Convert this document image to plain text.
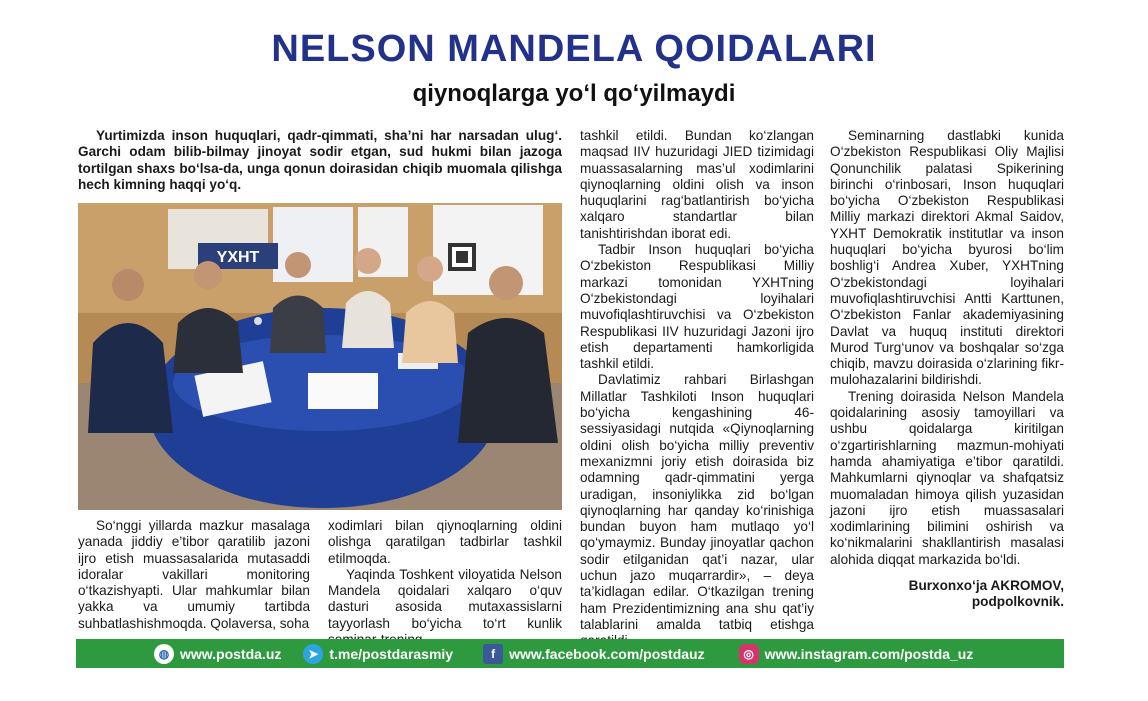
NELSON MANDELA QOIDALARI
qiynoqlarga yo‘l qo‘yilmaydi

Yurtimizda inson huquqlari, qadr-qimmati, sha’ni har narsadan ulug‘. Garchi odam bilib-bilmay jinoyat sodir etgan, sud hukmi bilan jazoga tortilgan shaxs bo‘lsa-da, unga qonun doirasidan chiqib muomala qilishga hech kimning haqqi yo‘q.

YXHT

So‘nggi yillarda mazkur masalaga yanada jiddiy e’tibor qaratilib jazoni ijro etish muassasalarida mutasaddi idoralar vakillari monitoring o‘tkazishyapti. Ular mahkumlar bilan yakka va umumiy tartibda suhbatlashishmoqda. Qolaversa, soha

xodimlari bilan qiynoqlarning oldini olishga qaratilgan tadbirlar tashkil etilmoqda.

Yaqinda Toshkent viloyatida Nelson Mandela qoidalari xalqaro o‘quv dasturi asosida mutaxassislarni tayyorlash bo‘yicha to‘rt kunlik

tashkil etildi. Bundan ko‘zlangan maqsad IIV huzuridagi JIED tizimidagi muassasalarning mas’ul xodimlarini qiynoqlarning oldini olish va inson huquqlarini rag‘batlantirish bo‘yicha xalqaro standartlar bilan tanishtirishdan iborat edi.

Tadbir Inson huquqlari bo‘yicha O‘zbekiston Respublikasi Milliy markazi tomonidan YXHTning O‘zbekistondagi loyihalari muvofiqlashtiruvchisi va O‘zbekiston Respublikasi IIV huzuridagi Jazoni ijro etish departamenti hamkorligida tashkil etildi.

Davlatimiz rahbari Birlashgan Millatlar Tashkiloti Inson huquqlari bo‘yicha kengashining 46-sessiyasidagi nutqida «Qiynoqlarning oldini olish bo‘yicha milliy preventiv mexanizmni joriy etish doirasida biz odamning qadr-qimmatini yerga uradigan, insoniylikka zid bo‘lgan qiynoqlarning har qanday ko‘rinishiga bundan buyon ham mutlaqo yo‘l qo‘ymaymiz. Bunday jinoyatlar qachon sodir etilganidan qat’i nazar, ular uchun jazo muqarrardir», – deya ta’kidlagan edilar. O‘tkazilgan trening ham Prezidentimizning ana shu qat’iy talablarini amalda tatbiq etishga

Seminarning dastlabki kunida O‘zbekiston Respublikasi Oliy Majlisi Qonunchilik palatasi Spikerining birinchi o‘rinbosari, Inson huquqlari bo‘yicha O‘zbekiston Respublikasi Milliy markazi direktori Akmal Saidov, YXHT Demokratik institutlar va inson huquqlari bo‘yicha byurosi bo‘lim boshlig‘i Andrea Xuber, YXHTning O‘zbekistondagi loyihalari muvofiqlashtiruvchisi Antti Karttunen, O‘zbekiston Fanlar akademiyasining Davlat va huquq instituti direktori Murod Turg‘unov va boshqalar so‘zga chiqib, mavzu doirasida o‘zlarining fikr-mulohazalarini bildirishdi.

Trening doirasida Nelson Mandela qoidalarining asosiy tamoyillari va ushbu qoidalarga kiritilgan o‘zgartirishlarning mazmun-mohiyati hamda ahamiyatiga e’tibor qaratildi. Mahkumlarni qiynoqlar va shafqatsiz muomaladan himoya qilish yuzasidan jazoni ijro etish muassasalari xodimlarining bilimini oshirish va ko‘nikmalarini shakllantirish masalasi alohida diqqat markazida bo‘ldi.

Burxonxo‘ja AKROMOV,

podpolkovnik.

◍ www.postda.uz	➤ t.me/postdarasmiy	f	www.facebook.com/postdauz	◎ www.instagram.com/postda_uz
